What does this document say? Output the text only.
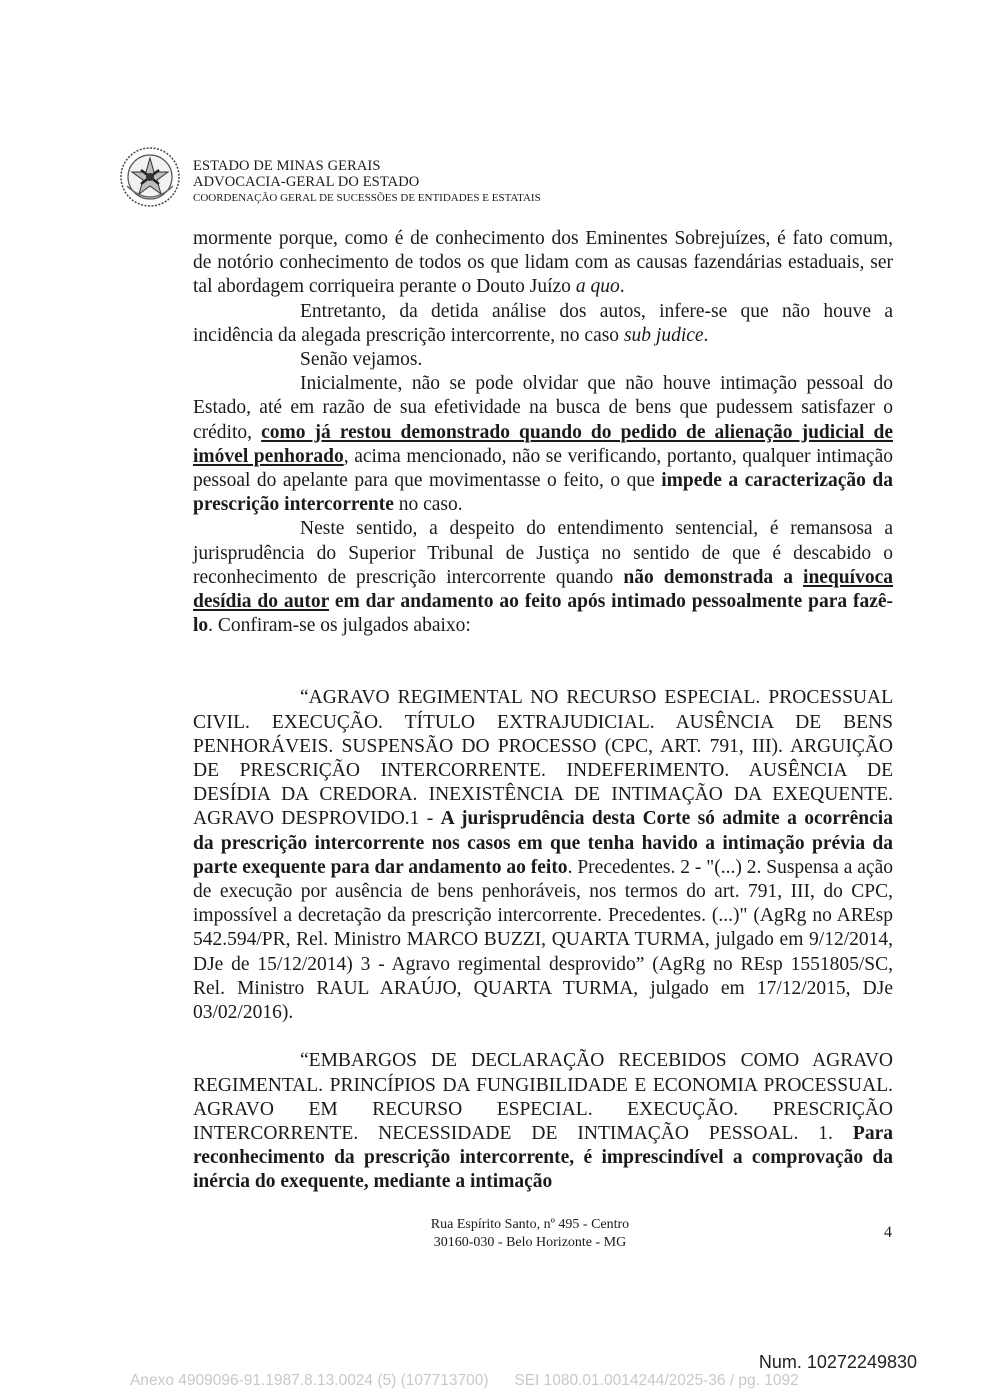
ESTADO DE MINAS GERAIS
ADVOCACIA-GERAL DO ESTADO
COORDENAÇÃO GERAL DE SUCESSÕES DE ENTIDADES E ESTATAIS

mormente porque, como é de conhecimento dos Eminentes Sobrejuízes, é fato comum, de notório conhecimento de todos os que lidam com as causas fazendárias estaduais, ser tal abordagem corriqueira perante o Douto Juízo a quo.

Entretanto, da detida análise dos autos, infere-se que não houve a incidência da alegada prescrição intercorrente, no caso sub judice.

Senão vejamos.

Inicialmente, não se pode olvidar que não houve intimação pessoal do Estado, até em razão de sua efetividade na busca de bens que pudessem satisfazer o crédito, como já restou demonstrado quando do pedido de alienação judicial de imóvel penhorado, acima mencionado, não se verificando, portanto, qualquer intimação pessoal do apelante para que movimentasse o feito, o que impede a caracterização da prescrição intercorrente no caso.

Neste sentido, a despeito do entendimento sentencial, é remansosa a jurisprudência do Superior Tribunal de Justiça no sentido de que é descabido o reconhecimento de prescrição intercorrente quando não demonstrada a inequívoca desídia do autor em dar andamento ao feito após intimado pessoalmente para fazê-lo. Confiram-se os julgados abaixo:

“AGRAVO REGIMENTAL NO RECURSO ESPECIAL. PROCESSUAL CIVIL. EXECUÇÃO. TÍTULO EXTRAJUDICIAL. AUSÊNCIA DE BENS PENHORÁVEIS. SUSPENSÃO DO PROCESSO (CPC, ART. 791, III). ARGUIÇÃO DE PRESCRIÇÃO INTERCORRENTE. INDEFERIMENTO. AUSÊNCIA DE DESÍDIA DA CREDORA. INEXISTÊNCIA DE INTIMAÇÃO DA EXEQUENTE. AGRAVO DESPROVIDO.1 - A jurisprudência desta Corte só admite a ocorrência da prescrição intercorrente nos casos em que tenha havido a intimação prévia da parte exequente para dar andamento ao feito. Precedentes. 2 - "(...) 2. Suspensa a ação de execução por ausência de bens penhoráveis, nos termos do art. 791, III, do CPC, impossível a decretação da prescrição intercorrente. Precedentes. (...)" (AgRg no AREsp 542.594/PR, Rel. Ministro MARCO BUZZI, QUARTA TURMA, julgado em 9/12/2014, DJe de 15/12/2014) 3 - Agravo regimental desprovido” (AgRg no REsp 1551805/SC, Rel. Ministro RAUL ARAÚJO, QUARTA TURMA, julgado em 17/12/2015, DJe 03/02/2016).

“EMBARGOS DE DECLARAÇÃO RECEBIDOS COMO AGRAVO REGIMENTAL. PRINCÍPIOS DA FUNGIBILIDADE E ECONOMIA PROCESSUAL. AGRAVO EM RECURSO ESPECIAL. EXECUÇÃO. PRESCRIÇÃO INTERCORRENTE. NECESSIDADE DE INTIMAÇÃO PESSOAL. 1. Para reconhecimento da prescrição intercorrente, é imprescindível a comprovação da inércia do exequente, mediante a intimação

Rua Espírito Santo, nº 495 - Centro
30160-030 - Belo Horizonte - MG
4
Num. 10272249830
Anexo 4909096-91.1987.8.13.0024 (5) (107713700)      SEI 1080.01.0014244/2025-36 / pg. 1092
